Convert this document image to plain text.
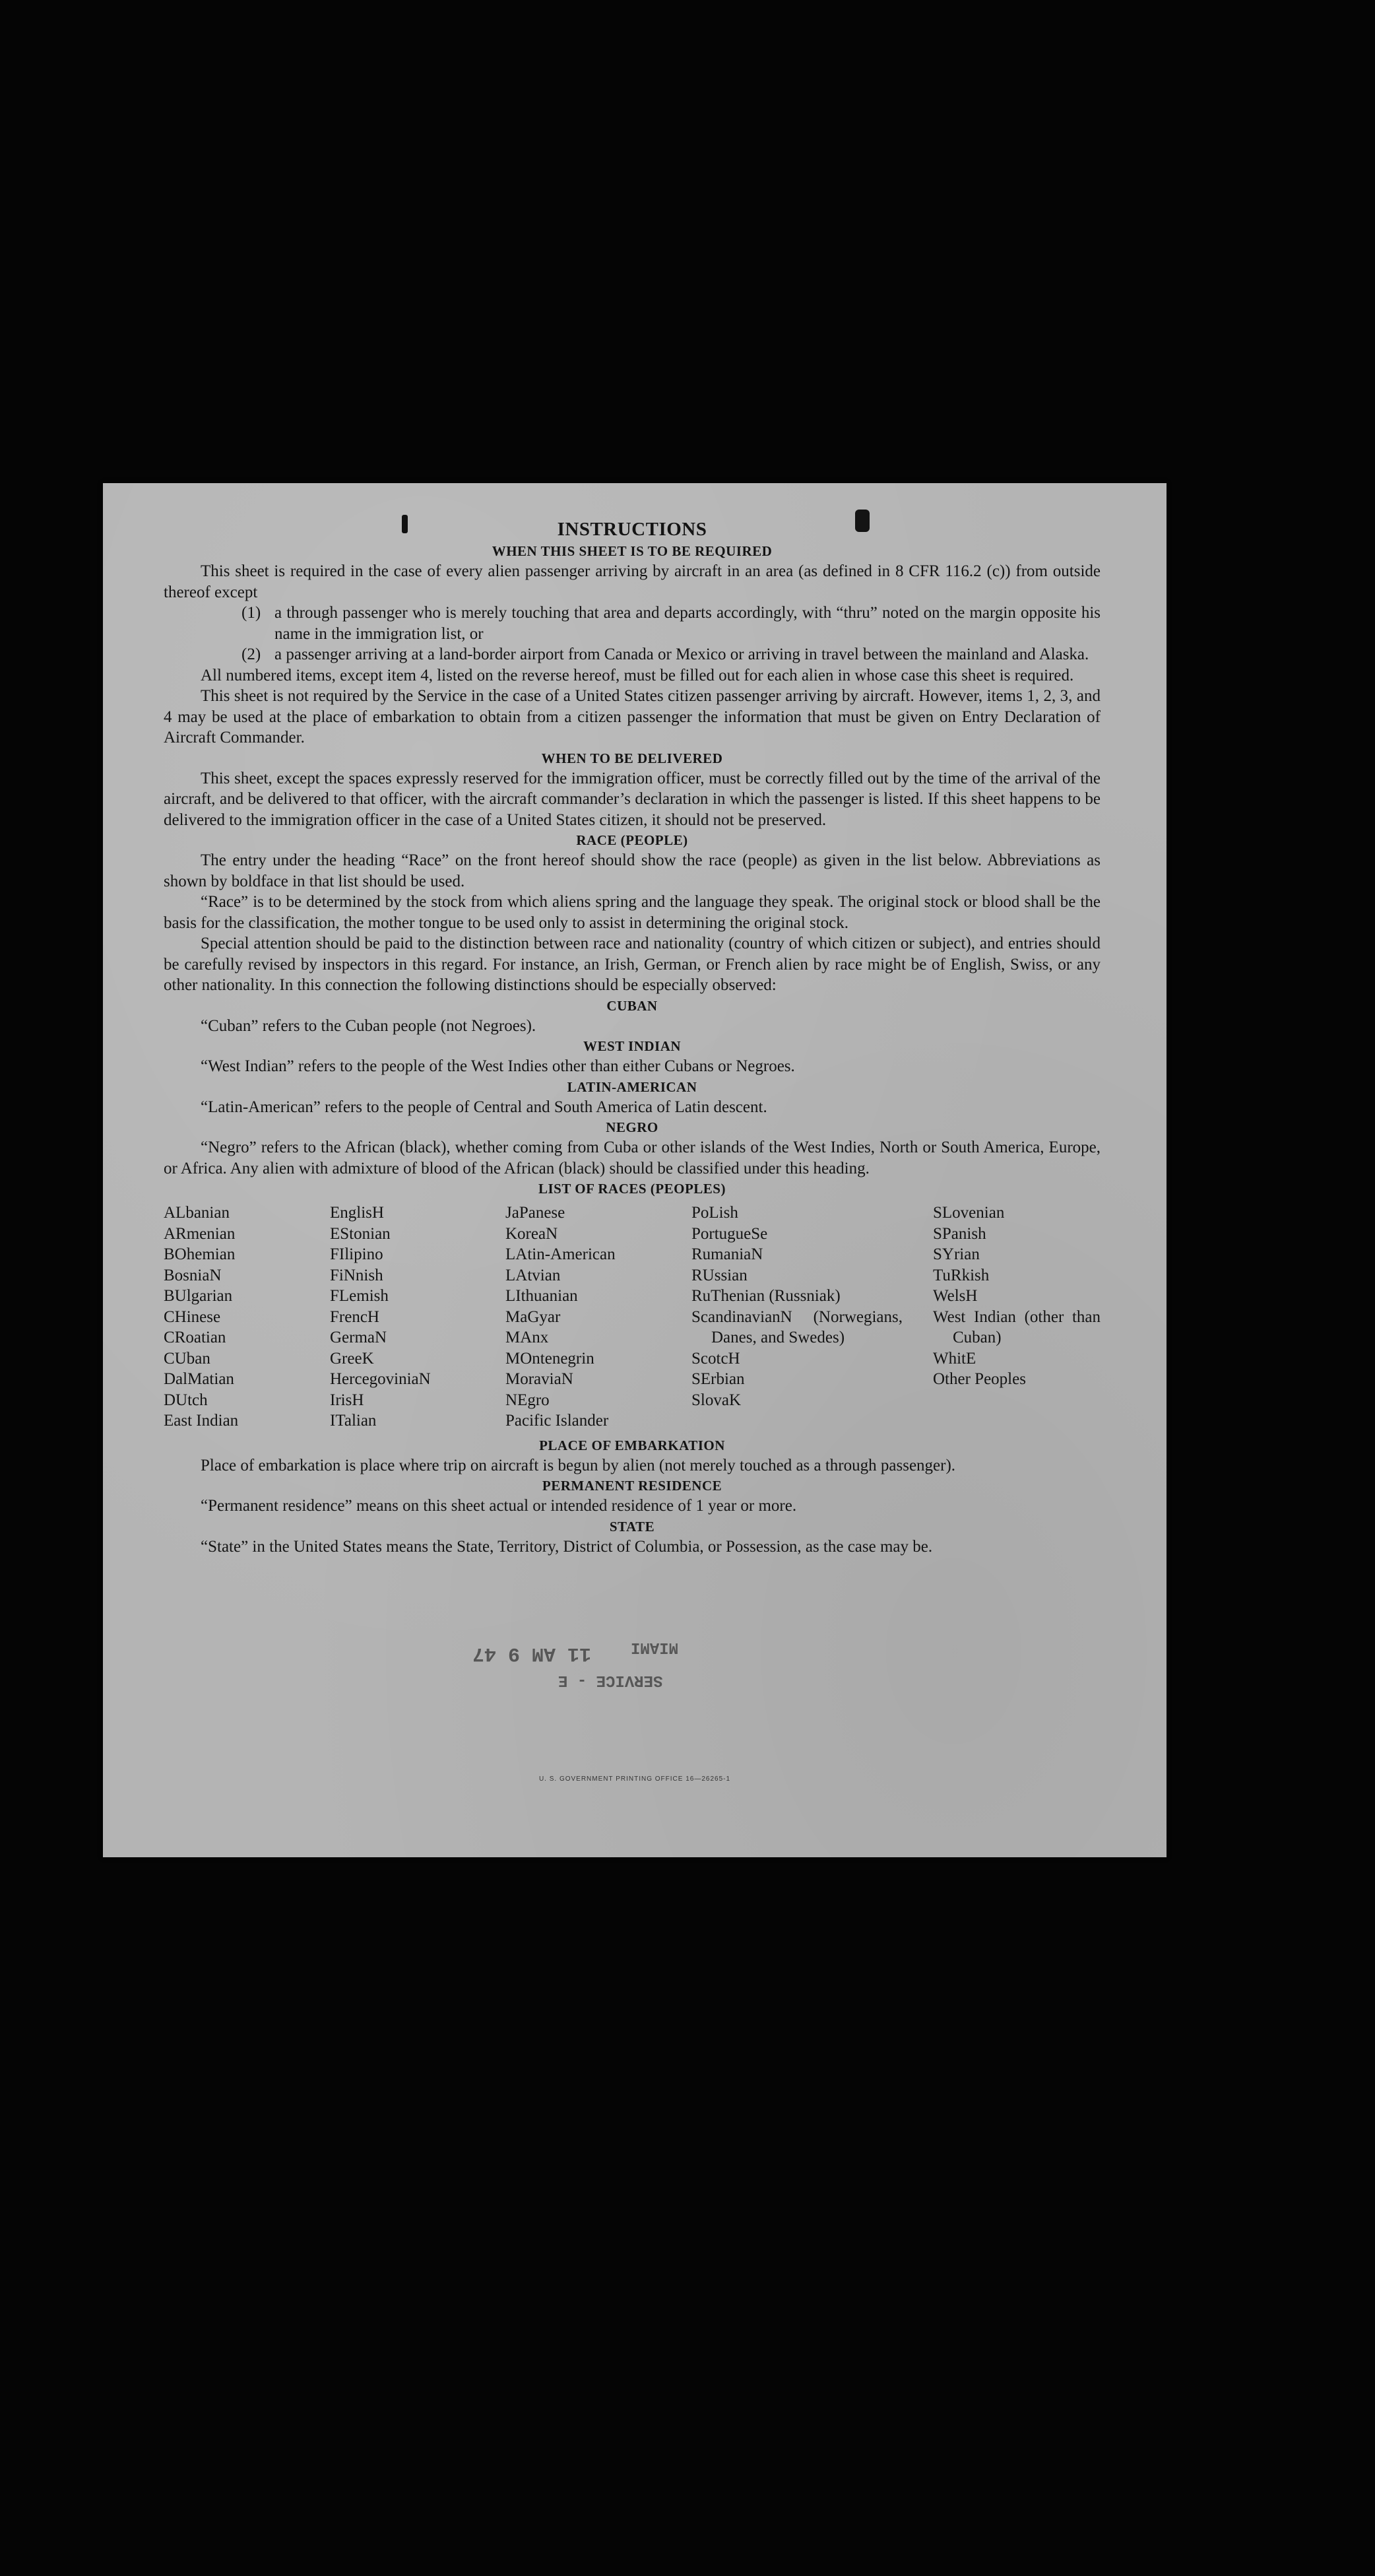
INSTRUCTIONS
WHEN THIS SHEET IS TO BE REQUIRED

This sheet is required in the case of every alien passenger arriving by aircraft in an area (as defined in 8 CFR 116.2 (c)) from outside thereof except

(1) a through passenger who is merely touching that area and departs accordingly, with “thru” noted on the margin opposite his name in the immigration list, or

(2) a passenger arriving at a land-border airport from Canada or Mexico or arriving in travel between the mainland and Alaska.

All numbered items, except item 4, listed on the reverse hereof, must be filled out for each alien in whose case this sheet is required.

This sheet is not required by the Service in the case of a United States citizen passenger arriving by aircraft. However, items 1, 2, 3, and 4 may be used at the place of embarkation to obtain from a citizen passenger the information that must be given on Entry Declaration of Aircraft Commander.

WHEN TO BE DELIVERED

This sheet, except the spaces expressly reserved for the immigration officer, must be correctly filled out by the time of the arrival of the aircraft, and be delivered to that officer, with the aircraft commander’s declaration in which the passenger is listed. If this sheet happens to be delivered to the immigration officer in the case of a United States citizen, it should not be preserved.

RACE (PEOPLE)

The entry under the heading “Race” on the front hereof should show the race (people) as given in the list below. Abbreviations as shown by boldface in that list should be used.

“Race” is to be determined by the stock from which aliens spring and the language they speak. The original stock or blood shall be the basis for the classification, the mother tongue to be used only to assist in determining the original stock.

Special attention should be paid to the distinction between race and nationality (country of which citizen or subject), and entries should be carefully revised by inspectors in this regard. For instance, an Irish, German, or French alien by race might be of English, Swiss, or any other nationality. In this connection the following distinctions should be especially observed:

CUBAN

“Cuban” refers to the Cuban people (not Negroes).

WEST INDIAN

“West Indian” refers to the people of the West Indies other than either Cubans or Negroes.

LATIN-AMERICAN

“Latin-American” refers to the people of Central and South America of Latin descent.

NEGRO

“Negro” refers to the African (black), whether coming from Cuba or other islands of the West Indies, North or South America, Europe, or Africa. Any alien with admixture of blood of the African (black) should be classified under this heading.

LIST OF RACES (PEOPLES)
ALbanian
ARmenian
BOhemian
BosniaN
BUlgarian
CHinese
CRoatian
CUban
DalMatian
DUtch
East Indian
EnglisH
EStonian
FIlipino
FiNnish
FLemish
FrencH
GermaN
GreeK
HercegoviniaN
IrisH
ITalian
JaPanese
KoreaN
LAtin-American
LAtvian
LIthuanian
MaGyar
MAnx
MOntenegrin
MoraviaN
NEgro
Pacific Islander
PoLish
PortugueSe
RumaniaN
RUssian
RuThenian (Russniak)
ScandinavianN (Norwegians, Danes, and Swedes)
ScotcH
SErbian
SlovaK
SLovenian
SPanish
SYrian
TuRkish
WelsH
West Indian (other than Cuban)
WhitE
Other Peoples
PLACE OF EMBARKATION

Place of embarkation is place where trip on aircraft is begun by alien (not merely touched as a through passenger).

PERMANENT RESIDENCE

“Permanent residence” means on this sheet actual or intended residence of 1 year or more.

STATE

“State” in the United States means the State, Territory, District of Columbia, or Possession, as the case may be.

11 AM 9 47 MIAMI
SERVICE - E
U. S. GOVERNMENT PRINTING OFFICE 16—26265-1
